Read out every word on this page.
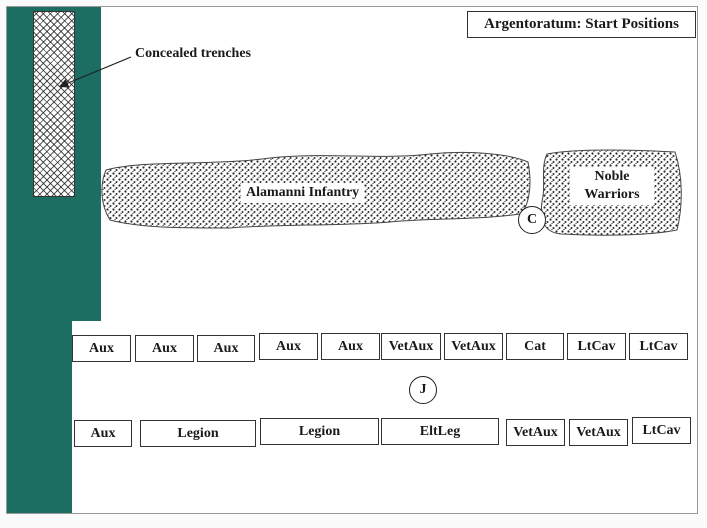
Argentoratum: Start Positions
Concealed trenches
Alamanni Infantry
Noble Warriors
C
Aux	Aux	Aux	Aux	Aux	VetAux	VetAux	Cat	LtCav	LtCav
Aux	Legion	Legion	EltLeg	VetAux	VetAux	LtCav
J
